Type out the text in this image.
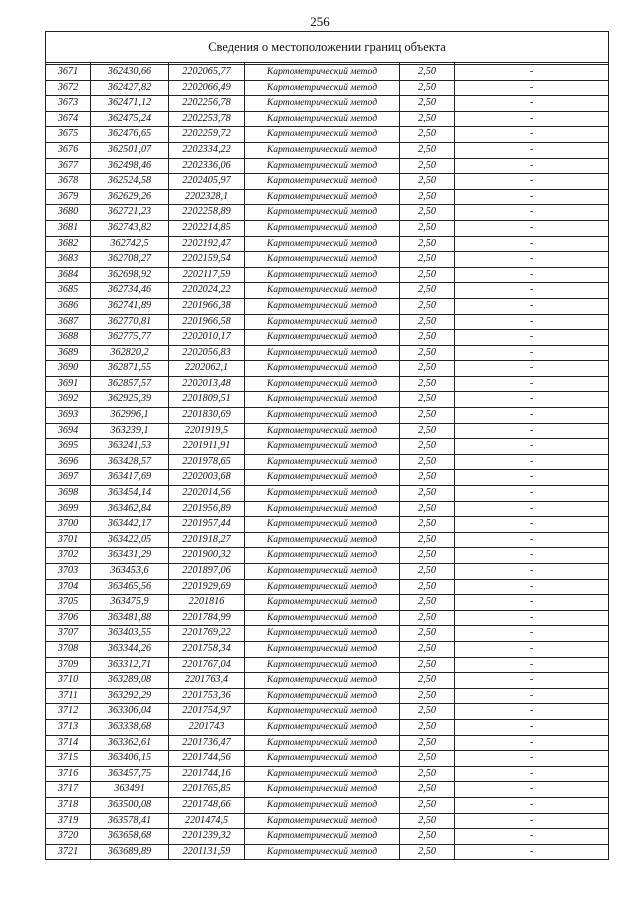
256
Сведения о местоположении границ объекта					

3671	362430,66	2202065,77	Картометрический метод	2,50	-
3672	362427,82	2202066,49	Картометрический метод	2,50	-
3673	362471,12	2202256,78	Картометрический метод	2,50	-
3674	362475,24	2202253,78	Картометрический метод	2,50	-
3675	362476,65	2202259,72	Картометрический метод	2,50	-
3676	362501,07	2202334,22	Картометрический метод	2,50	-
3677	362498,46	2202336,06	Картометрический метод	2,50	-
3678	362524,58	2202405,97	Картометрический метод	2,50	-
3679	362629,26	2202328,1	Картометрический метод	2,50	-
3680	362721,23	2202258,89	Картометрический метод	2,50	-
3681	362743,82	2202214,85	Картометрический метод	2,50	-
3682	362742,5	2202192,47	Картометрический метод	2,50	-
3683	362708,27	2202159,54	Картометрический метод	2,50	-
3684	362698,92	2202117,59	Картометрический метод	2,50	-
3685	362734,46	2202024,22	Картометрический метод	2,50	-
3686	362741,89	2201966,38	Картометрический метод	2,50	-
3687	362770,81	2201966,58	Картометрический метод	2,50	-
3688	362775,77	2202010,17	Картометрический метод	2,50	-
3689	362820,2	2202056,83	Картометрический метод	2,50	-
3690	362871,55	2202062,1	Картометрический метод	2,50	-
3691	362857,57	2202013,48	Картометрический метод	2,50	-
3692	362925,39	2201809,51	Картометрический метод	2,50	-
3693	362996,1	2201830,69	Картометрический метод	2,50	-
3694	363239,1	2201919,5	Картометрический метод	2,50	-
3695	363241,53	2201911,91	Картометрический метод	2,50	-
3696	363428,57	2201978,65	Картометрический метод	2,50	-
3697	363417,69	2202003,68	Картометрический метод	2,50	-
3698	363454,14	2202014,56	Картометрический метод	2,50	-
3699	363462,84	2201956,89	Картометрический метод	2,50	-
3700	363442,17	2201957,44	Картометрический метод	2,50	-
3701	363422,05	2201918,27	Картометрический метод	2,50	-
3702	363431,29	2201900,32	Картометрический метод	2,50	-
3703	363453,6	2201897,06	Картометрический метод	2,50	-
3704	363465,56	2201929,69	Картометрический метод	2,50	-
3705	363475,9	2201816	Картометрический метод	2,50	-
3706	363481,88	2201784,99	Картометрический метод	2,50	-
3707	363403,55	2201769,22	Картометрический метод	2,50	-
3708	363344,26	2201758,34	Картометрический метод	2,50	-
3709	363312,71	2201767,04	Картометрический метод	2,50	-
3710	363289,08	2201763,4	Картометрический метод	2,50	-
3711	363292,29	2201753,36	Картометрический метод	2,50	-
3712	363306,04	2201754,97	Картометрический метод	2,50	-
3713	363338,68	2201743	Картометрический метод	2,50	-
3714	363362,61	2201736,47	Картометрический метод	2,50	-
3715	363406,15	2201744,56	Картометрический метод	2,50	-
3716	363457,75	2201744,16	Картометрический метод	2,50	-
3717	363491	2201765,85	Картометрический метод	2,50	-
3718	363500,08	2201748,66	Картометрический метод	2,50	-
3719	363578,41	2201474,5	Картометрический метод	2,50	-
3720	363658,68	2201239,32	Картометрический метод	2,50	-
3721	363689,89	2201131,59	Картометрический метод	2,50	-
